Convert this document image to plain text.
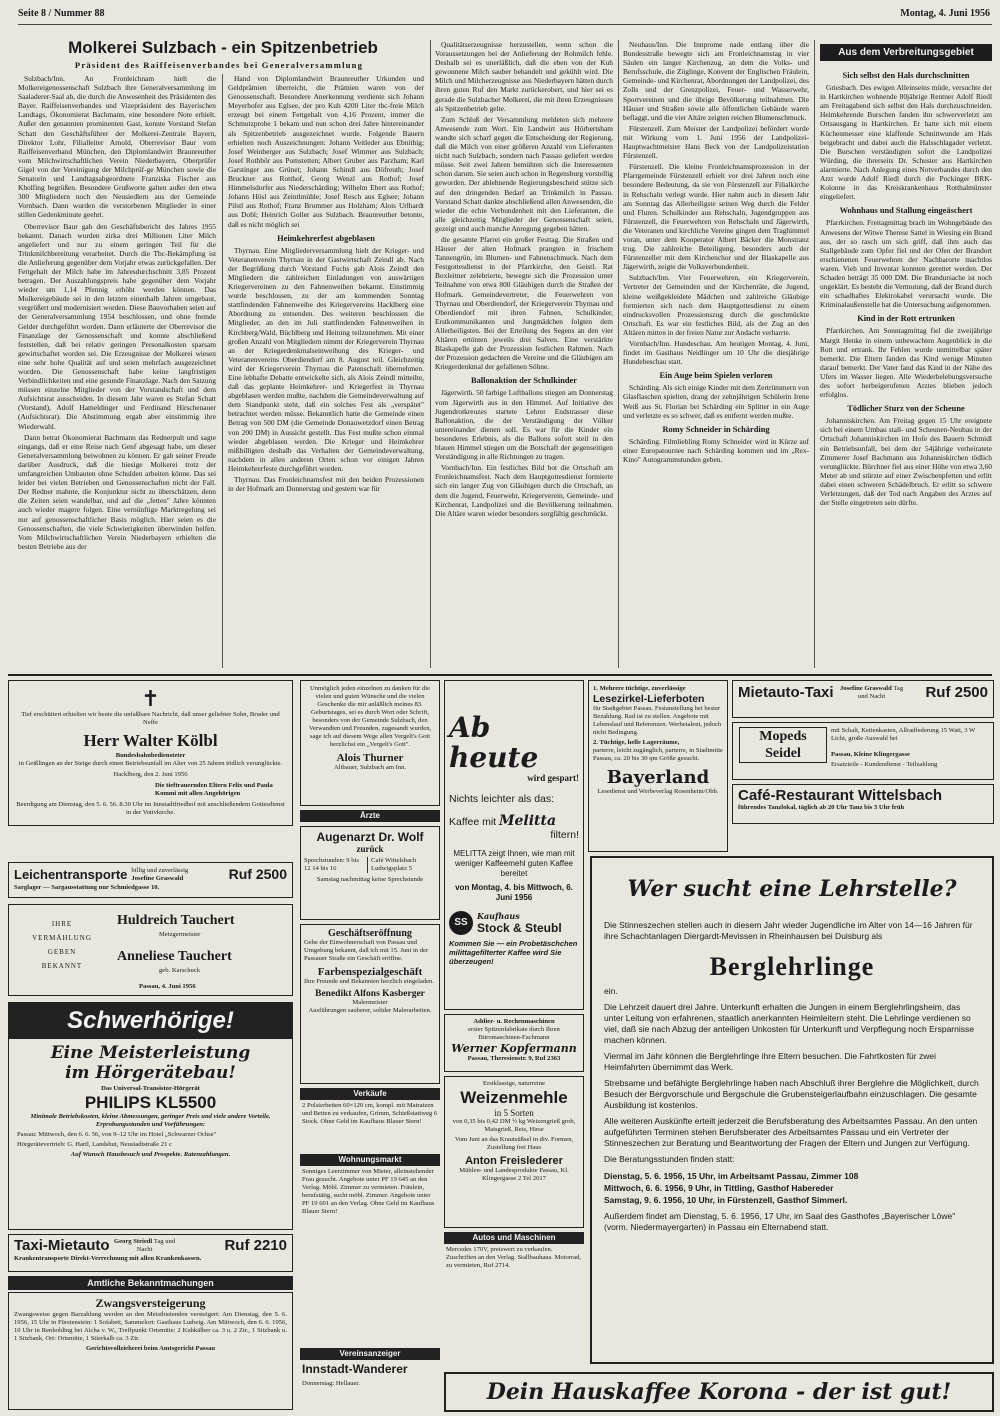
Seite 8 / Nummer 88	Montag, 4. Juni 1956
Molkerei Sulzbach - ein Spitzenbetrieb
Präsident des Raiffeisenverbandes bei Generalversammlung

Sulzbach/Inn. An Fronleichnam hielt die Molkereigenossenschaft Sulzbach ihre Generalversammlung im Saaladerer-Saal ab, die durch die Anwesenheit des Präsidenten des Bayer. Raiffeisenverbandes und Vizepräsident des Bayerischen Landtags, Ökonomierat Bachmann, eine besondere Note erhielt. Außer den genannten prominenten Gast, konnte Vorstand Stefan Schatt den Geschäftsführer der Molkerei-Zentrale Bayern, Direktor Lohr, Filialleiter Arnold, Oberrevisor Baur vom Raiffeisenverband München, den Diplomlandwirt Braunreuther vom Milchwirtschaftlichen Verein Niederbayern, Oberprüfer Gigel von der Vereinigung der Milchprüf-ge München sowie die Senatorin und Landtagsabgeordnete Franziska Fischer aus Kholfing begrüßen. Besondere Grußworte galten außer den etwa 300 Mitgliedern noch den Neusiedlern aus der Gemeinde Vornbach. Dann wurden die verstorbenen Mitglieder in einer stillen Gedenkminute geehrt.

Oberrevisor Baur gab den Geschäftsbericht des Jahres 1955 bekannt. Danach wurden zirka drei Millionen Liter Milch angeliefert und nur zu einem geringen Teil für die Trinkmilchbereitung verarbeitet. Durch die Tbc-Bekämpfung ist die Anlieferung gegenüber dem Vorjahr etwas zurückgefallen. Der Fettgehalt der Milch habe im Jahresdurchschnitt 3,85 Prozent betragen. Der Auszahlungspreis habe gegenüber dem Vorjahr wieder um 1,14 Pfennig erhöht werden können. Das Molkereigebäude sei in den letzten einenhalb Jahren umgebaut, vergrößert und modernisiert worden. Diese Bauvorhaben seien auf der Generalversammlung 1954 beschlossen, und ohne fremde Gelder durchgeführt worden. Dann erläuterte der Oberrevisor die Finanzlage der Genossenschaft und konnte abschließend feststellen, daß bei relativ geringen Personalkosten sparsam gewirtschaftet worden sei. Die Erzeugnisse der Molkerei wiesen eine sehr hohe Qualität auf und seien mehrfach ausgezeichnet worden. Die Genossenschaft habe keine langfristigen Verbindlichkeiten und eine gesunde Finanzlage. Nach den Satzung müssen einzelne Mitglieder von der Vorstandschaft und dem Aufsichtsrat ausscheiden. In diesem Jahr waren es Stefan Schatt (Vorstand), Adolf Hameldinger und Ferdinand Hirschenauer (Aufsichtsrat). Die Abstimmung ergab aber einstimmig ihre Wiederwahl.

Dann betrat Ökonomierat Bachmann das Rednerpult und sagte eingangs, daß er eine Reise nach Genf abgesagt habe, um dieser Generalversammlung beiwohnen zu können. Er gab seiner Freude darüber Ausdruck, daß die hiesige Molkerei trotz der umfangreichen Umbauten ohne Schulden arbeiten könne. Das sei leider bei vielen Betrieben und Genossenschaften nicht der Fall. Der Redner mahnte, die Konjunktur nicht zu überschätzen, denn die Zeiten seien wandelbar, und auf die „fetten" Jahre könnten auch wieder magere folgen. Eine vernünftige Marktregelung sei nur auf genossenschaftlicher Basis möglich. Hier seien es die Genossenschaften, die viele Schwierigkeiten überwinden helfen. Vom Milchwirtschaftlichen Verein Niederbayern erhielten die besten Betriebe aus der

Hand von Diplomlandwirt Braunreuther Urkunden und Geldprämien überreicht, die Prämien waren von der Genossenschaft. Besondere Anerkennung verdiente sich Johann Meyerhofer aus Eglsee, der pro Kuh 4200 Liter tbc-freie Milch erzeugt bei einem Fettgehalt von 4,16 Prozent, immer die Schmutzprobe 1 bekam und nun schon drei Jahre hintereinander als Spitzenbetrieb ausgezeichnet wurde. Folgende Bauern erhielten noch Auszeichnungen: Johann Veitleder aus Ebnithig; Josef Weinberger aus Sulzbach; Josef Wimmer aus Sulzbach; Josef Rothbör aus Pomstetten; Albert Gruber aus Parzham; Karl Garstinger aus Grünet; Johann Schindl aus Döfreuth; Josef Bruckner aus Rotthof, Georg Wenzl aus Rothof; Josef Himmelsdorfer aus Niederschärding; Wilhelm Ebert aus Rothof; Johann Hösl aus Zeintlmühle; Josef Resch aus Eglsee; Johann Pilstl aus Rothof; Franz Brummer aus Holzham; Alois Urlhardt aus Dobl; Heinrich Goller aus Sulzbach. Braunreuther betonte, daß es nicht möglich sei

Heimkehrerfest abgeblasen

Thyrnau. Eine Mitgliederversammlung hielt der Krieger- und Veteranenverein Thyrnau in der Gastwirtschaft Zeindl ab. Nach der Begrüßung durch Vorstand Fuchs gab Alois Zeindl den Mitgliedern die zahlreichen Einladungen von auswärtigen Kriegervereinen zu den Fahnenweihen bekannt. Einstimmig wurde beschlossen, zu der am kommenden Sonntag stattfindenden Fahnenweihe des Kriegervereins Hacklberg eine Abordnung zu entsenden. Des weiteren beschlossen die Mitglieder, an den im Juli stattfindenden Fahnenweihen in Kirchberg/Wald, Büchlberg und Heining teilzunehmen. Mit einer großen Anzahl von Mitgliedern nimmt der Kriegerverein Thyrnau an der Kriegerdenkmalseinweihung des Krieger- und Veteranenvereins Oberdiendorf am 8. August teil. Gleichzeitig wird der Kriegerverein Thyrnau die Patenschaft übernehmen. Eine lebhafte Debatte entwickelte sich, als Alois Zeindl mitteilte, daß das geplante Heimkehrer- und Kriegerfest in Thyrnau abgeblasen werden mußte, nachdem die Gemeindeverwaltung auf dem Standpunkt steht, daß ein solches Fest als „verspätet" betrachtet werden müsse. Bekanntlich hatte die Gemeinde einen Betrag von 500 DM (die Gemeinde Donauwetzdorf einen Betrag von 200 DM) in Aussicht gestellt. Das Fest mußte schon einmal wieder abgeblasen werden. Die Krieger und Heimkehrer mißbilligten deshalb das Verhalten der Gemeindeverwaltung, nachdem in allen anderen Orten schon vor einigen Jahren Heimkehrerfeste durchgeführt worden.

Thyrnau. Das Fronleichnamsfest mit den beiden Prozessionen in der Hofmark am Donnerstag und gestern war für

Qualitätserzeugnisse herzustellen, wenn schon die Voraussetzungen bei der Anlieferung der Rohmilch fehle. Deshalb sei es unerläßlich, daß die eben von der Kuh gewonnene Milch sauber behandelt und gekühlt wird. Die Milch und Milcherzeugnisse aus Niederbayern hätten durch ihren guten Ruf den Markt zurückerobert, und hier sei es gerade die Sulzbacher Molkerei, die mit ihren Erzeugnissen als Spitzenbetrieb gelte.

Zum Schluß der Versammlung meldeten sich mehrere Anwesende zum Wort. Ein Landwirt aus Hörbertsham wandte sich scharf gegen die Entscheidung der Regierung, daß die Milch von einer größeren Anzahl von Lieferanten nicht nach Sulzbach, sondern nach Passau geliefert werden müsse. Seit zwei Jahren bemühten sich die Interessenten schon darum. Sie seien auch schon in Regensburg vorstellig geworden. Der ablehnende Regierungsbescheid stütze sich auf den dringenden Bedarf an Trinkmilch in Passau. Vorstand Schatt dankte abschließend allen Anwesenden, die wieder die echte Verbundenheit mit den Lieferanten, die alle gleichzeitig Mitglieder der Genossenschaft seien, gezeigt und auch manche Anregung gegeben hätten.

die gesamte Pfarrei ein großer Festtag. Die Straßen und Häuser der alten Hofmark prangten in frischem Tannengrün, im Blumen- und Fahnenschmuck. Nach dem Festgottesdienst in der Pfarrkirche, den Geistl. Rat Boxleitner zelebrierte, bewegte sich die Prozession unter Teilnahme von etwa 800 Gläubigen durch die Straßen der Hofmark. Gemeindevertreter, die Feuerwehren von Thyrnau und Oberdiendorf, der Kriegerverein Thyrnau und Oberdiendorf mit ihren Fahnen, Schulkinder, Erstkommunikanten und Jungmädchen folgten dem Allerheiligsten. Bei der Erteilung des Segens an den vier Altären ertönten jeweils drei Salven. Eine verstärkte Blaskapelle gab der Prozession festlichen Rahmen. Nach der Prozession gedachten die Vereine und die Gläubigen am Kriegerdenkmal der gefallenen Söhne.

Ballonaktion der Schulkinder

Jägerwirth. 50 farbige Luftballons stiegen am Donnerstag vom Jägerwirth aus in den Himmel. Auf Initiative des Jugendrotkreuzes startete Lehrer Endstrasser diese Ballonaktion, die der Verständigung der Völker untereinander dienen soll. Es war für die Kinder ein besonderes Erlebnis, als die Ballons sofort steil in den blauen Himmel stiegen um die Botschaft der gegenseitigen Verständigung in alle Richtungen zu tragen.

Vornbach/Inn. Ein festliches Bild bot die Ortschaft am Fronleichnamsfest. Nach dem Hauptgottesdienst formierte sich ein langer Zug von Gläubigen durch die Ortschaft, an dem die Jugend, Feuerwehr, Kriegerverein, Gemeinde- und Kirchenrat, Landpolizei und die Bevölkerung teilnahmen. Die Altäre waren wieder besonders sorgfältig geschmückt.

Neuhaus/Inn. Die Innprome nade entlang über die Bundesstraße bewegte sich am Fronleichnamstag in vier Säulen ein langer Kirchenzug, an dem die Volks- und Berufsschule, die Zöglinge, Konvent der Englischen Fräulein, Gemeinde- und Kirchenrat, Abordnungen der Landpolizei, des Zolls und der Grenzpolizei, Feuer- und Wasserwehr, Sportvereinen und die übrige Bevölkerung teilnahmen. Die Häuser und Straßen sowie alle öffentlichen Gebäude waren beflaggt, und die vier Altäre zeigten reichen Blumenschmuck.

Fürstenzell. Zum Meister der Landpolizei befördert wurde mit Wirkung vom 1. Juni 1956 der Landpolizei-Hauptwachtmeister Hans Beck von der Landpolizeistation Fürstenzell.

Fürstenzell. Die kleine Fronleichnamsprozession in der Pfarrgemeinde Fürstenzell erhielt vor drei Jahren noch eine besondere Bedeutung, da sie von Fürstenzell zur Filialkirche in Rehschaln verlegt wurde. Hier nahm auch in diesem Jahr am Sonntag das Allerheiligste seinen Weg durch die Felder und Fluren. Schulkinder aus Rehschaln, Jugendgruppen aus Fürstenzell, die Feuerwehren von Rehschaln und Jägerwirth, die Veteranen und kirchliche Vereine gingen dem Traghimmel voran, unter dem Kooperator Albert Bäcker die Monstranz trug. Die zahlreiche Beteiligung, besonders auch der Fürstenzeller mit dem Kirchenchor und der Blaskapelle aus Jägerwirth, zeigte die Volksverbundenheit.

Sulzbach/Inn. Vier Feuerwehren, ein Kriegerverein, Vertreter der Gemeinden und der Kirchenräte, die Jugend, kleine weißgekleidete Mädchen und zahlreiche Gläubige formierten sich nach dem Hauptgottesdienst zu einem eindrucksvollen Prozessionszug durch die geschmückte Ortschaft. Es war ein festliches Bild, als der Zug an den Altären mitten in der freien Natur zur Andacht verharrte.

Vornbach/Inn. Hundeschau. Am heutigen Montag, 4. Juni, findet im Gasthaus Neidlinger um 10 Uhr die diesjährige Hundebeschau statt.

Ein Auge beim Spielen verloren

Schärding. Als sich einige Kinder mit dem Zertrümmern von Glasflaschen spielten, drang der zehnjährigen Schülerin Irene Weiß aus St. Florian bei Schärding ein Splitter in ein Auge und verletzte es so schwer, daß es entfernt werden mußte.

Romy Schneider in Schärding

Schärding. Filmliebling Romy Schneider wird in Kürze auf einer Europatournee nach Schärding kommen und im „Rex-Kino" Autogrammstunden geben.

Aus dem Verbreitungsgebiet
Sich selbst den Hals durchschnitten

Griesbach. Des ewigen Alleinseins müde, versuchte der in Hartkirchen wohnende 80jährige Rentner Adolf Riedl am Freitagabend sich selbst den Hals durchzuschneiden. Heimkehrende Burschen fanden ihn schwerverletzt am Ortsausgang in Hartkirchen. Er hatte sich mit einem Küchenmesser eine klaffende Schnittwunde am Hals beigebracht und dabei auch die Halsschlagader verletzt. Die Burschen verständigten sofort die Landpolizei Würding, die ihrerseits Dr. Schuster aus Hartkirchen alarmierte. Nach Anlegung eines Notverbandes durch den Arzt wurde Adolf Riedl durch die Pockinger BRK-Kolonne in das Kreiskrankenhaus Rotthalmünster eingeliefert.

Wohnhaus und Stallung eingeäschert

Pfarrkirchen. Freitagmittag brach im Wohngebäude des Anwesens der Witwe Therese Sattel in Wiesing ein Brand aus, der so rasch um sich griff, daß ihm auch das Stallgebäude zum Opfer fiel und der Ofen der Brandort erschienenen Feuerwehren der Nachbarorte machtlos waren. Vieh und Inventar konnten gerettet werden. Der Schaden beträgt 35 000 DM. Die Brandursache ist noch ungeklärt. Es besteht die Vermutung, daß der Brand durch ein schadhaftes Elektrokabel verursacht wurde. Die Kriminalaußenstelle hat die Untersuchung aufgenommen.

Kind in der Rott ertrunken

Pfarrkirchen. Am Sonntagmittag fiel die zweijährige Margit Henke in einem unbewachten Augenblick in die Rott und ertrank. Ihr Fehlen wurde unmittelbar später bemerkt. Die Eltern fanden das Kind wenige Minuten darauf bemerkt. Der Vater fand das Kind in der Nähe des Ufers im Wasser liegen. Alle Wiederbelebungsversuche des sofort herbeigerufenen Arztes blieben jedoch erfolglos.

Tödlicher Sturz von der Scheune

Johanniskirchen. Am Freitag gegen 15 Uhr ereignete sich bei einem Umbau stall- und Scheunen-Neubau in der Ortschaft Johanniskirchen im Hofe des Bauern Schmidl ein Betriebsunfall, bei dem der 54jährige verheiratete Zimmerer Josef Bachmann aus Johanniskirchen tödlich verunglückte. Bürchner fiel aus einer Höhe von etwa 3,60 Meter ab und stürzte auf einer Zwischenpfetten und erlitt dabei einen schweren Schädelbruch. Er erlitt so schwere Verletzungen, daß der Tod nach Angaben des Arztes auf der Stelle eingetreten sein dürfte.

✝
Tief erschüttert erhielten wir heute die unfaßbare Nachricht, daß unser geliebter Sohn, Bruder und Neffe
Herr Walter Kölbl
Bundesbahnbediensteter
in Geißlingen an der Steige durch einen Betriebsunfall im Alter von 25 Jahren tödlich verunglückte.
Hacklberg, den 2. Juni 1956
Die tieftrauernden Eltern Felix und Paula Kommi mit allen Angehörigen
Beerdigung am Dienstag, den 5. 6. 56. 8.30 Uhr im Innstadtfriedhof mit anschließendem Gottesdienst in der Votivkirche.
Leichentransporte billig und zuverlässig Josefine Graswald	Ruf 2500
Sarglager — Sargausstattung nur Schmiedgasse 10.
IHRE
VERMÄHLUNG
GEBEN
BEKANNT
Huldreich Tauchert
Metzgermeister
Anneliese Tauchert
geb. Karschuck
Passau, 4. Juni 1956
Schwerhörige!
Eine Meisterleistung
im Hörgerätebau!
Das Universal-Transistor-Hörgerät
PHILIPS KL5500
Minimale Betriebskosten, kleine Abmessungen, geringer Preis und viele andere Vorteile. Erprobungsstunden und Vorführungen:
Passau: Mittwoch, den 6. 6. 56, von 9–12 Uhr im Hotel „Schwarzer Ochse"
Hörgerätevertrieb: G. Hartl, Landshut, Neustadtstraße 21 c
Auf Wunsch Hausbesuch und Prospekte. Ratenzahlungen.
Taxi-Mietauto Georg Striedl Tag und Nacht	Ruf 2210
Krankentransporte Direkt-Verrechnung mit allen Krankenkassen.
Amtliche Bekanntmachungen
Zwangsversteigerung
Zwangsweise gegen Barzahlung werden an den Meistbietenden versteigert: Am Dienstag, den 5. 6. 1956, 15 Uhr in Fürstenstein: 1 Sofabett, Sammelort: Gasthaus Ludwig. Am Mittwoch, den 6. 6. 1956, 10 Uhr in Renholding bei Aicha v. W., Treffpunkt Ortsmitte: 2 Kuhkälber ca. 3 u. 2 Ztr., 1 Sitzbank u. 1 Sitzbank, Ort: Ortsmitte, 1 Stierkalb ca. 3 Ztr.
Gerichtsvollzieherei beim Amtsgericht Passau
Unmöglich jeden einzelnen zu danken für die vielen und guten Wünsche und die vielen Geschenke die mir anläßlich meines 83. Geburtstages, sei es durch Wort oder Schrift, besonders von der Gemeinde Sulzbach, den Verwandten und Freunden, zugesandt wurden, sage ich auf diesem Wege allen Vergelt's Gott herzlichst ein „Vergelt's Gott".
Alois Thurner
Altbauer, Sulzbach am Inn.
Ärzte
Augenarzt Dr. Wolf
zurück
Sprechstunden: 9 bis 12 14 bis 16
Café Wittelsbach Ludwigsplatz 5
Samstag nachmittag keine Sprechstunde
Geschäftseröffnung
Gebe der Einwohnerschaft von Passau und Umgebung bekannt, daß ich mit 15. Juni in der Passauer Straße ein Geschäft eröffne.
Farbenspezialgeschäft
Ihre Freunde und Bekannten herzlich eingeladen.
Benedikt Alfons Kasberger
Malermeister
Ausführungen sauberer, solider Malerarbeiten.
Verkäufe
2 Polsterbetten 60×120 cm, kompl. mit Matratzen und Betten zu verkaufen, Grimm, Schießstattweg 6 Stock. Ohne Geld im Kaufhaus Blauer Stern!
Wohnungsmarkt
Sonniges Leerzimmer von Mieter, alleinstehender Frau gesucht. Angebote unter PF 19 645 an den Verlag. Möbl. Zimmer zu vermieten. Fräulein, berufstätig, sucht möbl. Zimmer. Angebote unter PF 19 601 an den Verlag. Ohne Geld im Kaufhaus Blauer Stern!
Vereinsanzeiger
Innstadt-Wanderer
Donnerstag: Hellauer.
Ab heute
wird gespart!
Nichts leichter als das:
Kaffee mit Melitta
filtern!
MELITTA zeigt Ihnen, wie man mit weniger Kaffeemehl guten Kaffee bereitet
von Montag, 4. bis Mittwoch, 6. Juni 1956
SS
Kaufhaus
Stock & Steubl
Kommen Sie — ein Probetäschchen milittagefilterter Kaffee wird Sie überzeugen!
Addier- u. Rechenmaschinen
erster Spitzenfabrikate durch Ihren Büromaschinen-Fachmann
Werner Kopfermann
Passau, Theresienstr. 9, Ruf 2363
Erstklassige, naturreine
Weizenmehle
in 5 Sorten
von 0,35 bis 0,42 DM ½ kg Weizengrieß grob, Maisgrieß, Reis, Hirse
Vom Juni an das Krautsüßsel in div. Formen, Zustellung frei Haus
Anton Freislederer
Mühlen- und Landesprodukte Passau, Kl. Klingergasse 2 Tel 2017
Autos und Maschinen
Mercedes 170V, preiswert zu verkaufen. Zuschriften an den Verlag. Stallbauhaus. Motorrad, zu vermieten, Ruf 2714.
1. Mehrere tüchtige, zuverlässige
Lesezirkel-Lieferboten
für Stadtgebiet Passau. Festanstellung bei bester Bezahlung. Rad ist zu stellen. Angebote mit Lebenslauf und Referenzen. Werbetalent, jedoch nicht Bedingung.
2. Tüchtige, helle Lagerräume,
parterre, leicht zugänglich, parterre, in Stadtmitte Passau, ca. 20 bis 30 qm Größe gesucht.
Bayerland
Lesedienst und Werbeverlag Rosenheim/Obb.
Mietauto-Taxi Josefine Graswald Tag und Nacht	Ruf 2500
Mopeds
Seidel
mit Schalt, Kettenkasten, Allradfederung 15 Watt, 3 W Licht, große Auswahl bei
Passau, Kleine Klingergasse
Ersatzteile - Kundendienst - Teilzahlung
Café-Restaurant Wittelsbach
führendes Tanzlokal, täglich ab 20 Uhr Tanz bis 3 Uhr früh
Wer sucht eine Lehrstelle?
Die Stinneszechen stellen auch in diesem Jahr wieder Jugendliche im Alter von 14—16 Jahren für ihre Schachtanlagen Diergardt-Mevissen in Rheinhausen bei Duisburg als
Berglehrlinge
ein.
Die Lehrzeit dauert drei Jahre. Unterkunft erhalten die Jungen in einem Berglehrlingsheim, das unter Leitung von erfahrenen, staatlich anerkannten Heimleitern steht. Die Lehrlinge verdienen so viel, daß sie nach Abzug der anteiligen Unkosten für Unterkunft und Verpflegung noch Ersparnisse machen können.
Viermal im Jahr können die Berglehrlinge ihre Eltern besuchen. Die Fahrtkosten für zwei Heimfahrten übernimmt das Werk.
Strebsame und befähigte Berglehrlinge haben nach Abschluß ihrer Berglehre die Möglichkeit, durch Besuch der Bergvorschule und Bergschule die Grubensteigerlaufbahn einzuschlagen. Die gesamte Ausbildung ist kostenlos.
Alle weiteren Auskünfte erteilt jederzeit die Berufsberatung des Arbeitsamtes Passau. An den unten aufgeführten Terminen stehen Berufsberater des Arbeitsamtes Passau und ein Vertreter der Stinneszechen zur Beratung und Beantwortung der Fragen der Eltern und Jungen zur Verfügung.
Die Beratungsstunden finden statt:
Dienstag, 5. 6. 1956, 15 Uhr, im Arbeitsamt Passau, Zimmer 108
Mittwoch, 6. 6. 1956, 9 Uhr, in Tittling, Gasthof Habereder
Samstag, 9. 6. 1956, 10 Uhr, in Fürstenzell, Gasthof Simmerl.
Außerdem findet am Dienstag, 5. 6. 1956, 17 Uhr, im Saal des Gasthofes „Bayerischer Löwe" (vorm. Niedermayergarten) in Passau ein Elternabend statt.
Dein Hauskaffee Korona - der ist gut!
